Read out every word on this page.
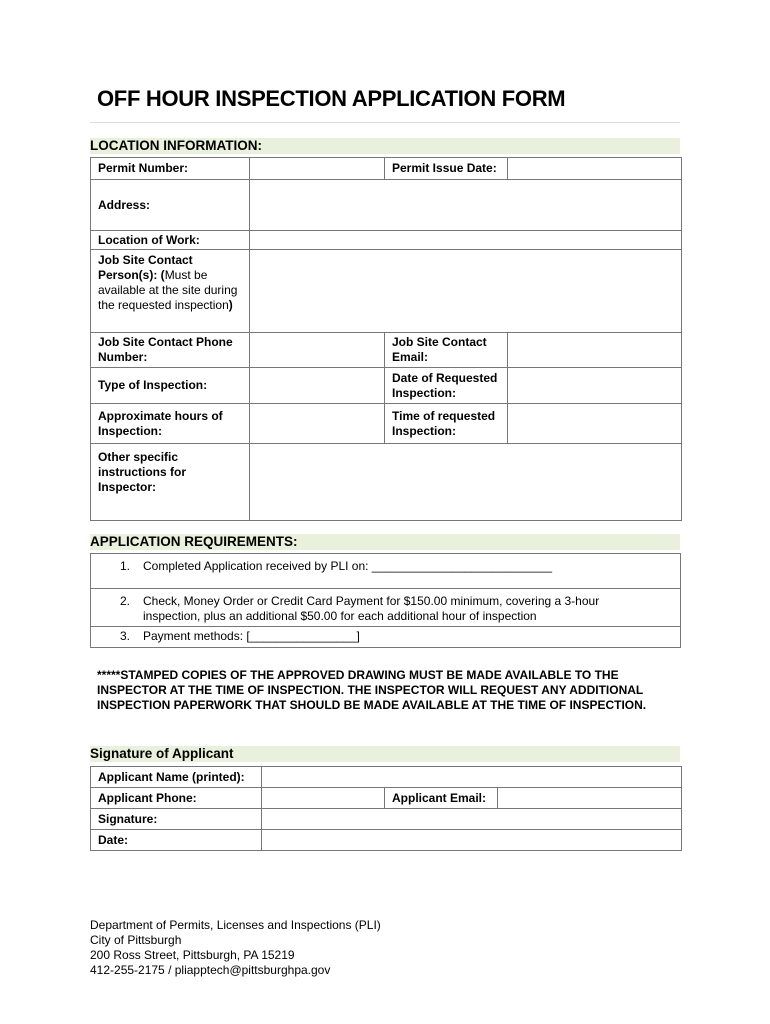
OFF HOUR INSPECTION APPLICATION FORM
LOCATION INFORMATION:
Permit Number:		Permit Issue Date:	
Address:			
Location of Work:			
Job Site Contact Person(s): (Must be available at the site during the requested inspection)			
Job Site Contact Phone Number:		Job Site Contact Email:	
Type of Inspection:		Date of Requested Inspection:	
Approximate hours of Inspection:		Time of requested Inspection:	
Other specific instructions for Inspector:			
APPLICATION REQUIREMENTS:
1. Completed Application received by PLI on: ___________________________
2. Check, Money Order or Credit Card Payment for $150.00 minimum, covering a 3-hour
inspection, plus an additional $50.00 for each additional hour of inspection
3. Payment methods: [________________]
*****STAMPED COPIES OF THE APPROVED DRAWING MUST BE MADE AVAILABLE TO THE INSPECTOR AT THE TIME OF INSPECTION. THE INSPECTOR WILL REQUEST ANY ADDITIONAL INSPECTION PAPERWORK THAT SHOULD BE MADE AVAILABLE AT THE TIME OF INSPECTION.
Signature of Applicant
Applicant Name (printed):			
Applicant Phone:		Applicant Email:	
Signature:			
Date:			
Department of Permits, Licenses and Inspections (PLI)
City of Pittsburgh
200 Ross Street, Pittsburgh, PA 15219
412-255-2175 / pliapptech@pittsburghpa.gov
